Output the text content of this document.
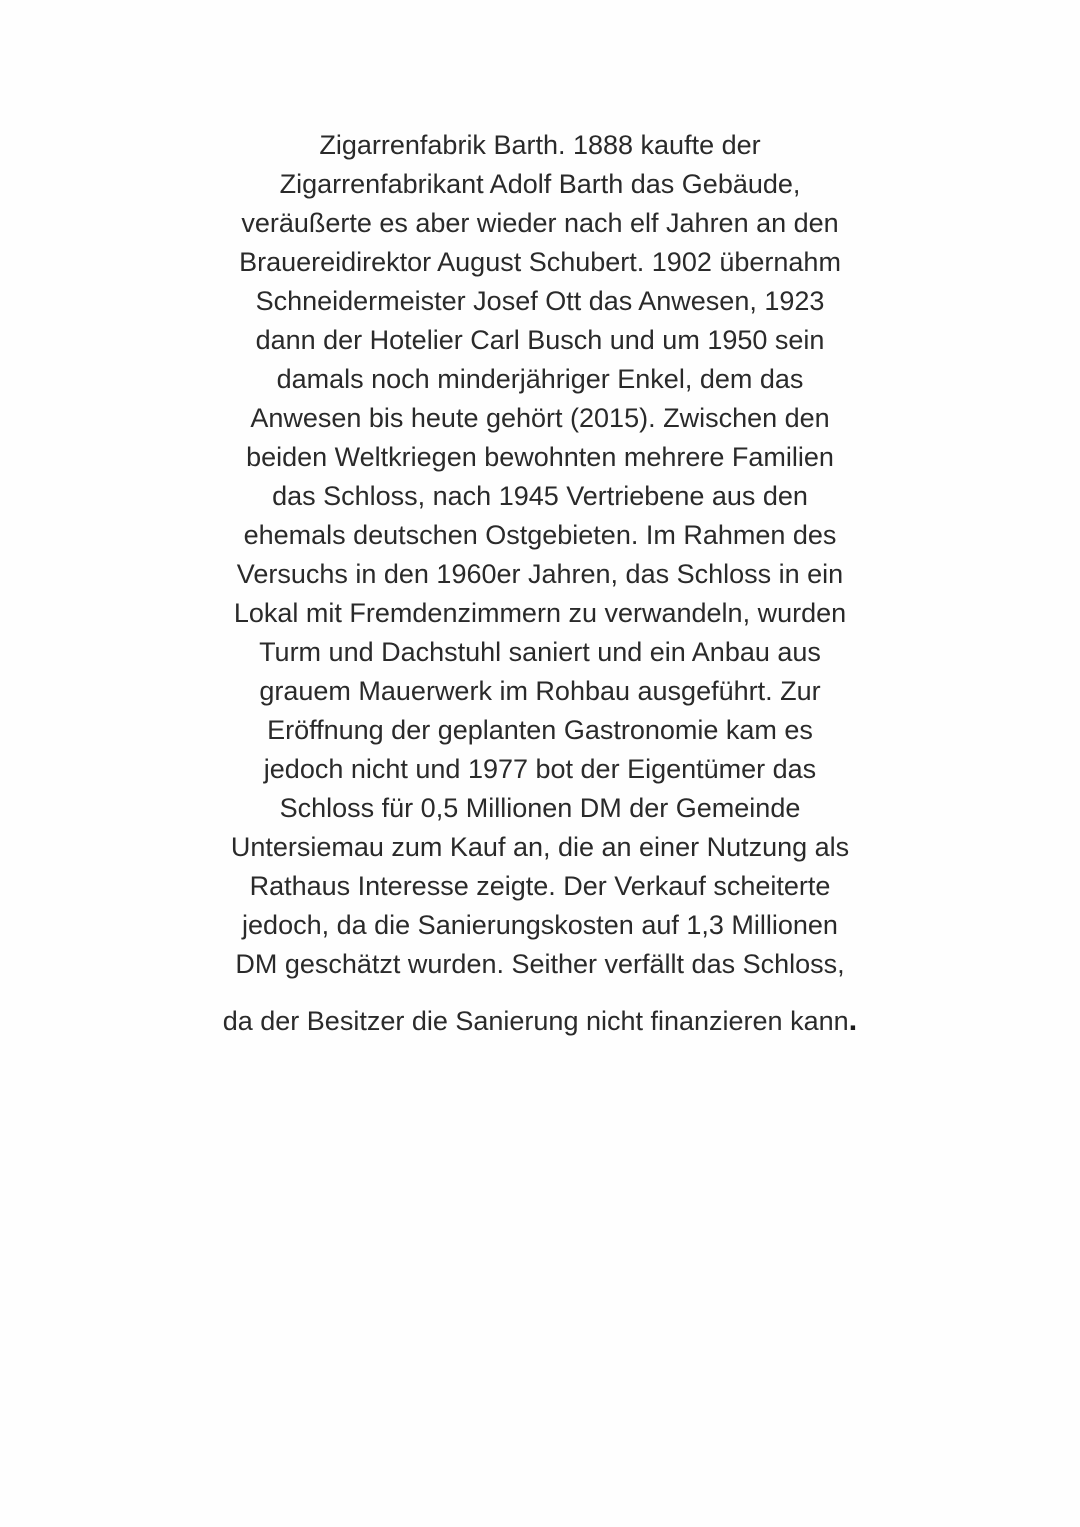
Zigarrenfabrik Barth. 1888 kaufte der
Zigarrenfabrikant Adolf Barth das Gebäude,
veräußerte es aber wieder nach elf Jahren an den
Brauereidirektor August Schubert. 1902 übernahm
Schneidermeister Josef Ott das Anwesen, 1923
dann der Hotelier Carl Busch und um 1950 sein
damals noch minderjähriger Enkel, dem das
Anwesen bis heute gehört (2015). Zwischen den
beiden Weltkriegen bewohnten mehrere Familien
das Schloss, nach 1945 Vertriebene aus den
ehemals deutschen Ostgebieten. Im Rahmen des
Versuchs in den 1960er Jahren, das Schloss in ein
Lokal mit Fremdenzimmern zu verwandeln, wurden
Turm und Dachstuhl saniert und ein Anbau aus
grauem Mauerwerk im Rohbau ausgeführt. Zur
Eröffnung der geplanten Gastronomie kam es
jedoch nicht und 1977 bot der Eigentümer das
Schloss für 0,5 Millionen DM der Gemeinde
Untersiemau zum Kauf an, die an einer Nutzung als
Rathaus Interesse zeigte. Der Verkauf scheiterte
jedoch, da die Sanierungskosten auf 1,3 Millionen
DM geschätzt wurden. Seither verfällt das Schloss,
da der Besitzer die Sanierung nicht finanzieren kann.
